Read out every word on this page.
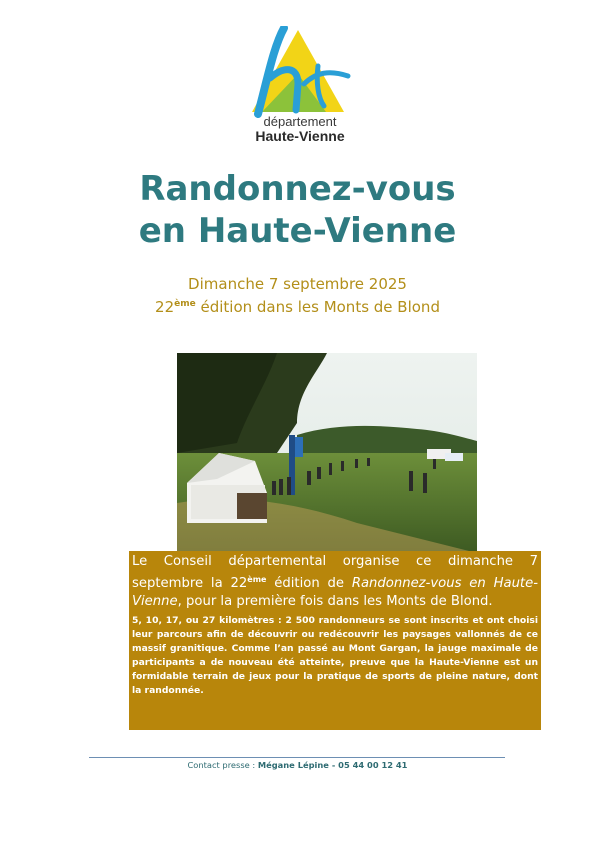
département
Haute-Vienne
Randonnez-vous
en Haute-Vienne
Dimanche 7 septembre 2025
22ème édition dans les Monts de Blond

Le Conseil départemental organise ce dimanche 7 septembre la 22ème édition de Randonnez-vous en Haute-Vienne, pour la première fois dans les Monts de Blond.

5, 10, 17, ou 27 kilomètres : 2 500 randonneurs se sont inscrits et ont choisi leur parcours afin de découvrir ou redécouvrir les paysages vallonnés de ce massif granitique. Comme l’an passé au Mont Gargan, la jauge maximale de participants a de nouveau été atteinte, preuve que la Haute-Vienne est un formidable terrain de jeux pour la pratique de sports de pleine nature, dont la randonnée.

Contact presse : Mégane Lépine - 05 44 00 12 41
